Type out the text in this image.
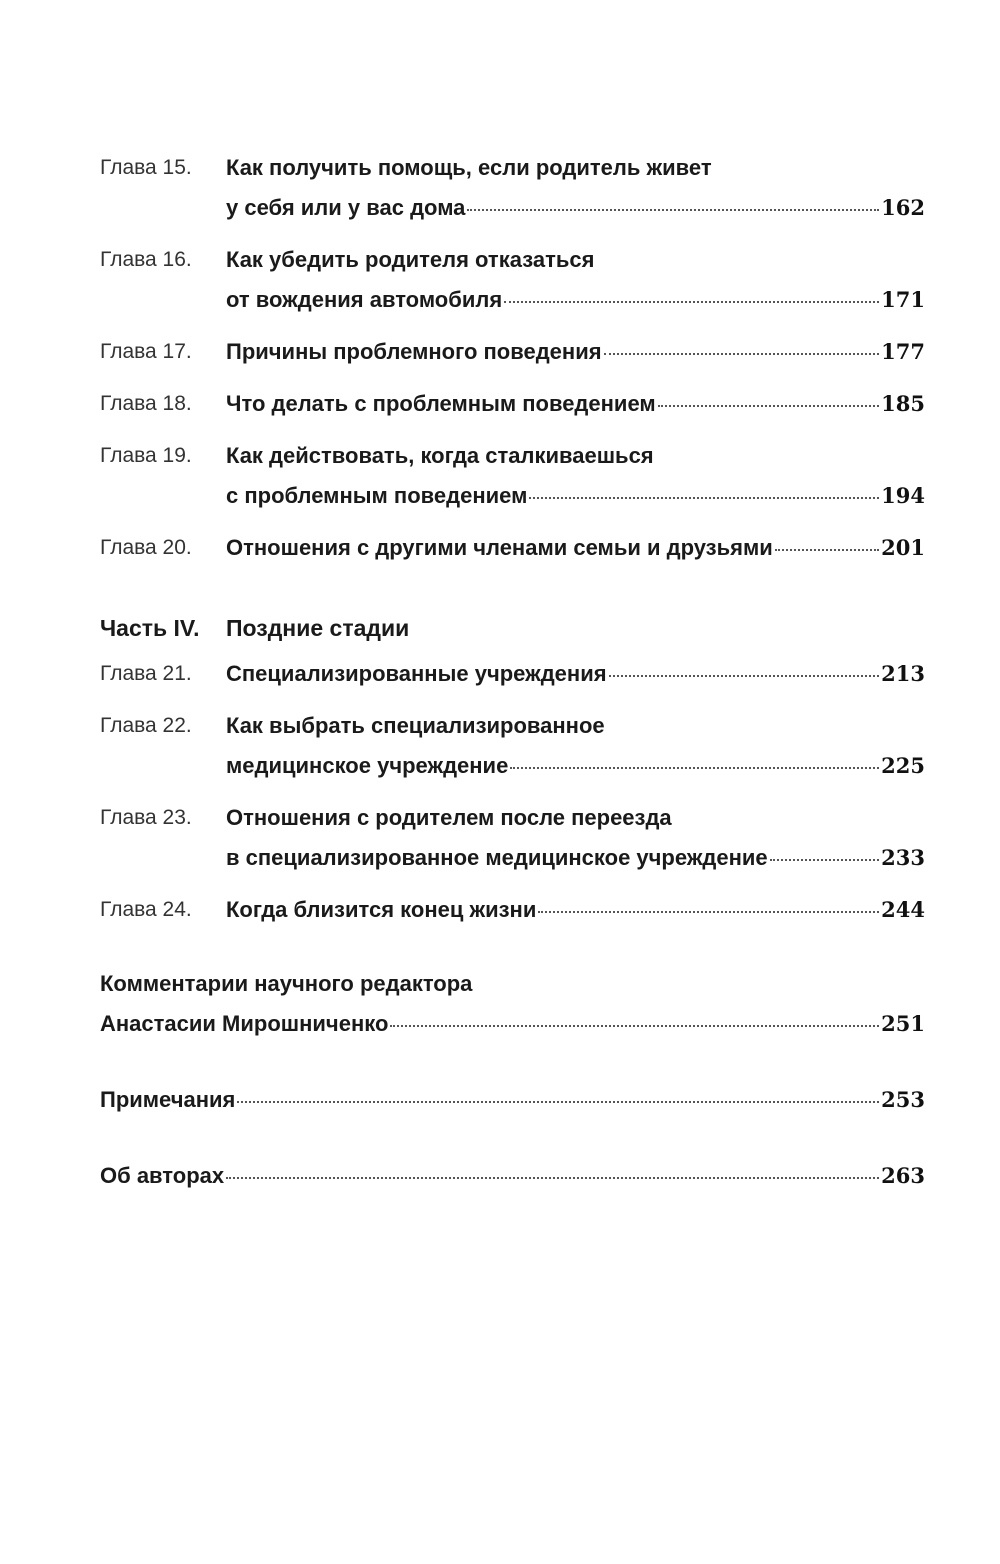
Глава 15.	Как получить помощь, если родитель живет
у себя или у вас дома	162
Глава 16.	Как убедить родителя отказаться
от вождения автомобиля	171
Глава 17.	Причины проблемного поведения	177
Глава 18.	Что делать с проблемным поведением	185
Глава 19.	Как действовать, когда сталкиваешься
с проблемным поведением	194
Глава 20.	Отношения с другими членами семьи и друзьями	201
Часть IV.	Поздние стадии
Глава 21.	Специализированные учреждения	213
Глава 22.	Как выбрать специализированное
медицинское учреждение	225
Глава 23.	Отношения с родителем после переезда
в специализированное медицинское учреждение	233
Глава 24.	Когда близится конец жизни	244
Комментарии научного редактора
Анастасии Мирошниченко	251
Примечания	253
Об авторах	263
